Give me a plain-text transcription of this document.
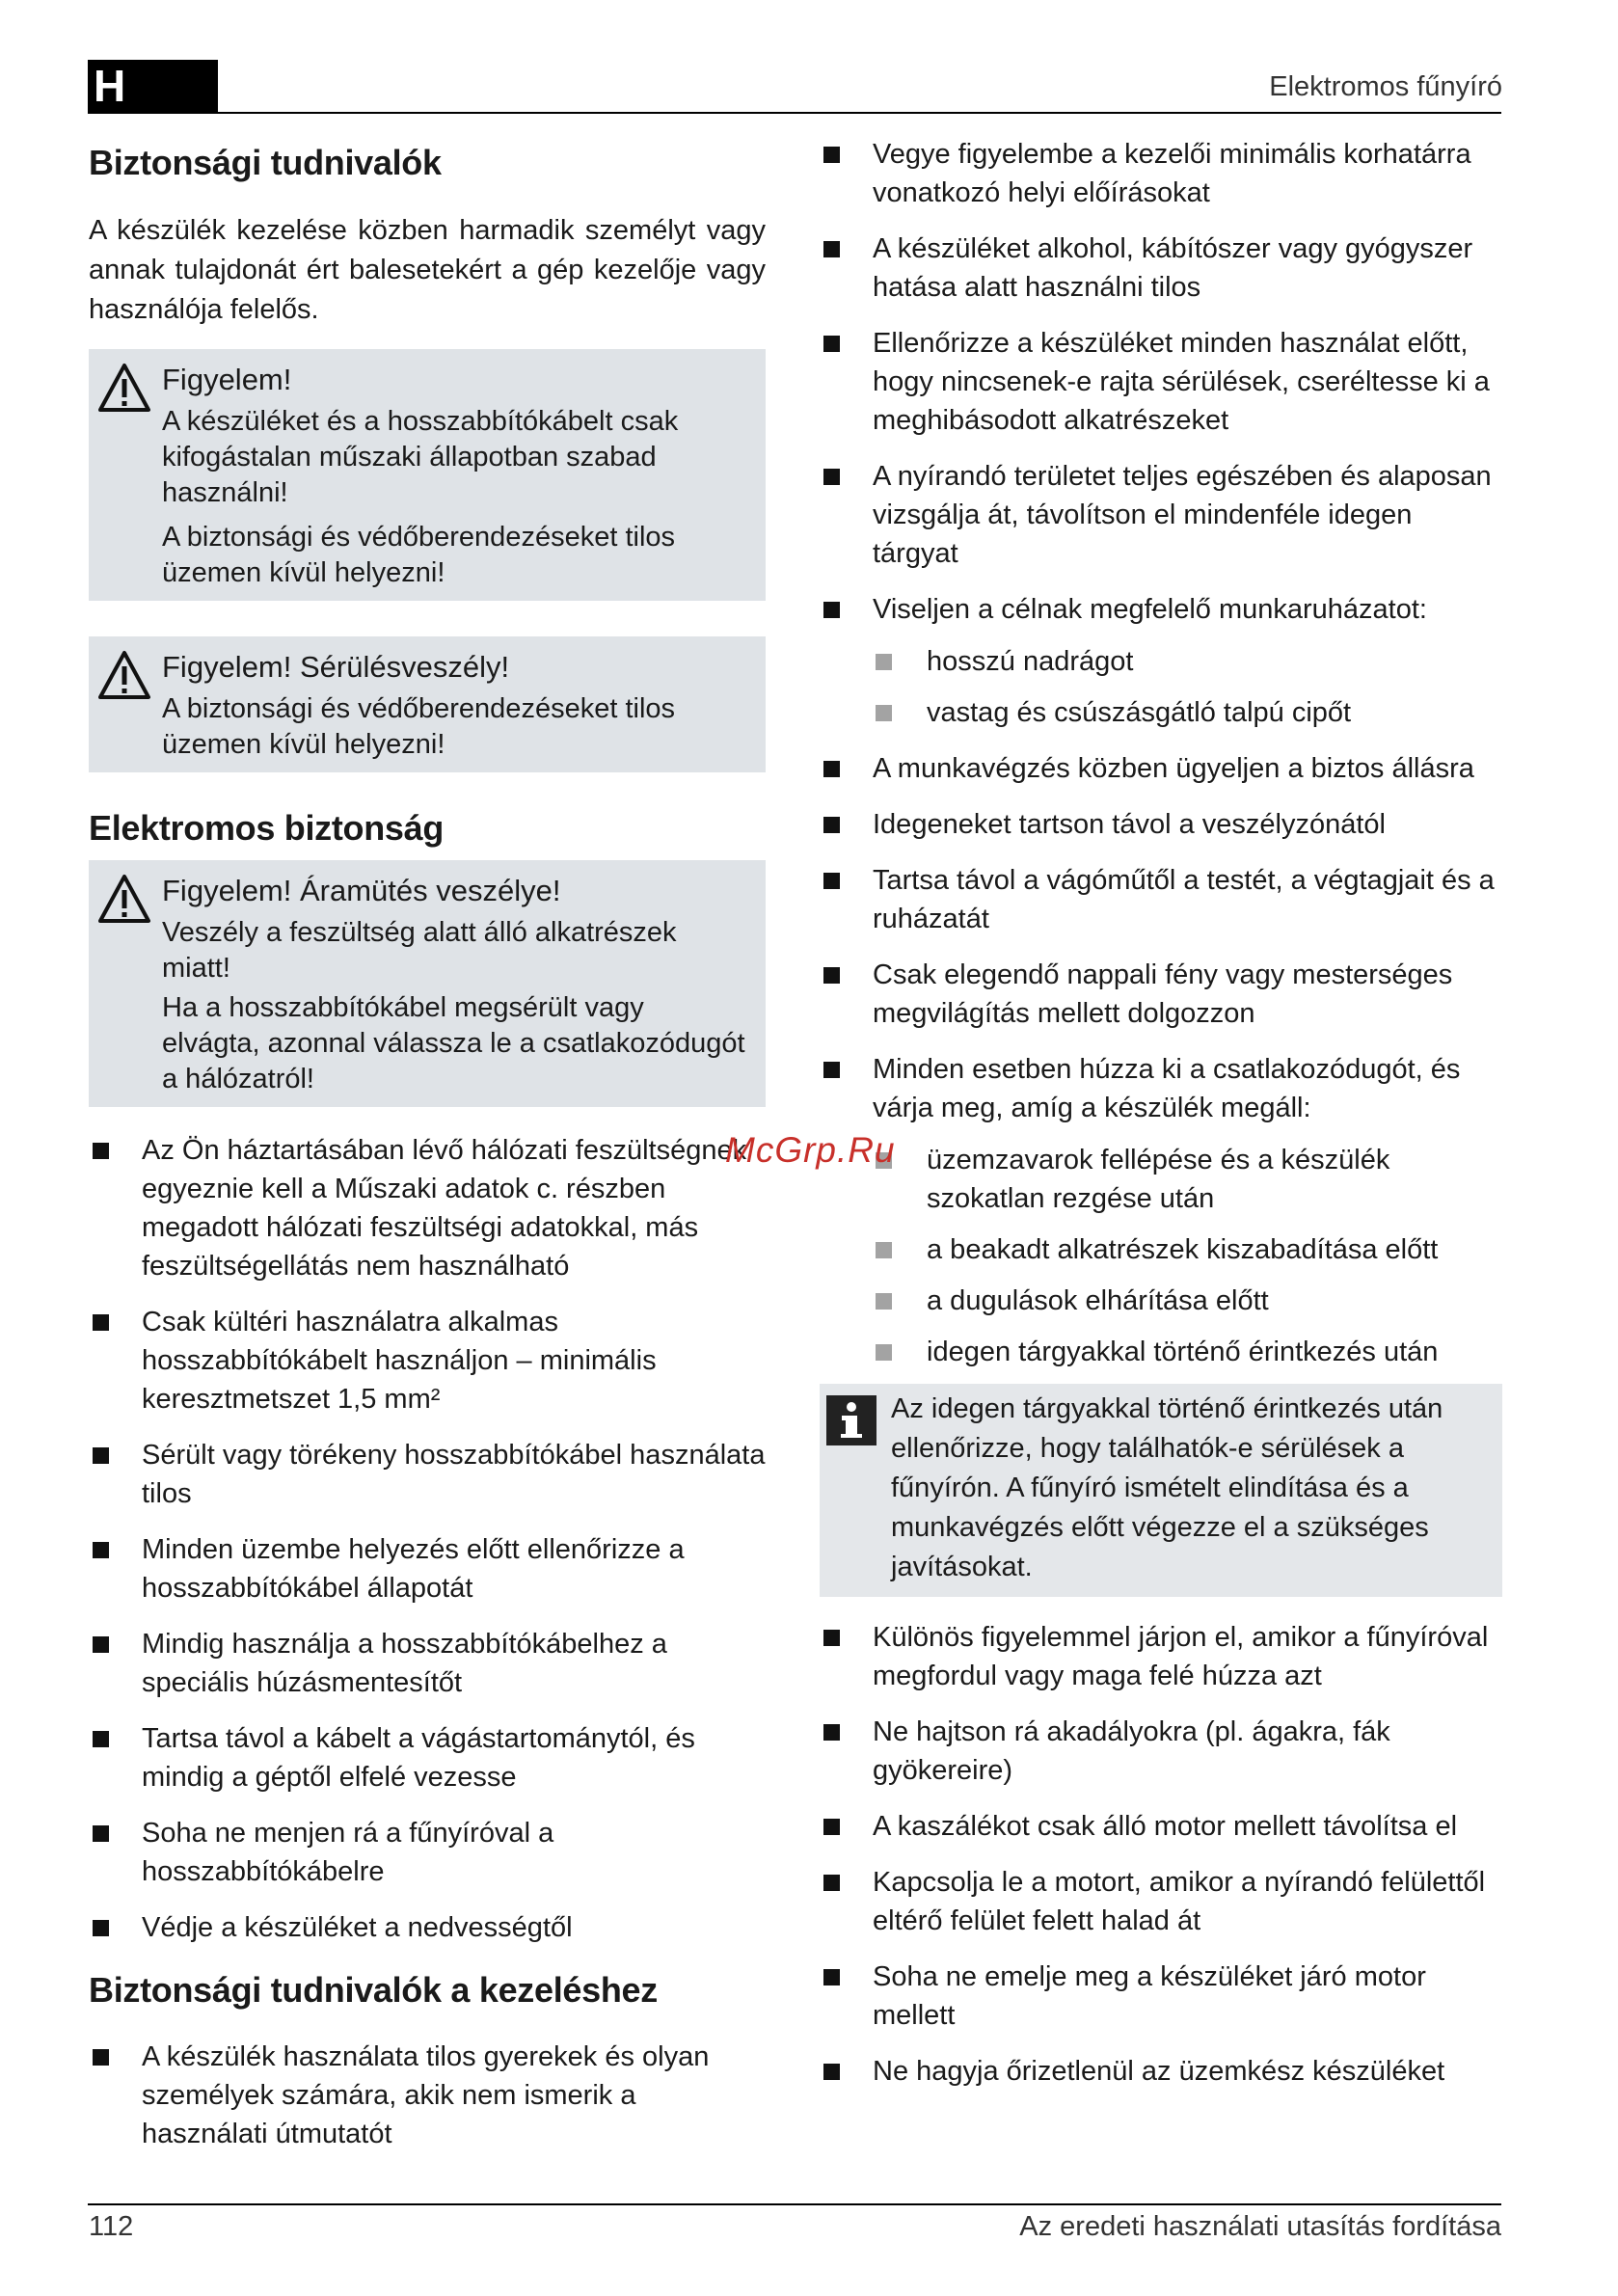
H	Elektromos fűnyíró
Biztonsági tudnivalók
A készülék kezelése közben harmadik személyt vagy annak tulajdonát ért balesetekért a gép kezelője vagy használója felelős.
Figyelem!

A készüléket és a hosszabbítókábelt csak kifogástalan műszaki állapotban szabad használni!

A biztonsági és védőberendezéseket tilos üzemen kívül helyezni!

Figyelem! Sérülésveszély!

A biztonsági és védőberendezéseket tilos üzemen kívül helyezni!

Elektromos biztonság
Figyelem! Áramütés veszélye!

Veszély a feszültség alatt álló alkatrészek miatt!

Ha a hosszabbítókábel megsérült vagy elvágta, azonnal válassza le a csatlakozódugót a hálózatról!

Az Ön háztartásában lévő hálózati feszültségnek egyeznie kell a Műszaki adatok c. részben megadott hálózati feszültségi adatokkal, más feszültségellátás nem használható
Csak kültéri használatra alkalmas hosszabbítókábelt használjon – minimális keresztmetszet 1,5 mm²
Sérült vagy törékeny hosszabbítókábel használata tilos
Minden üzembe helyezés előtt ellenőrizze a hosszabbítókábel állapotát
Mindig használja a hosszabbítókábelhez a speciális húzásmentesítőt
Tartsa távol a kábelt a vágástartománytól, és mindig a géptől elfelé vezesse
Soha ne menjen rá a fűnyíróval a hosszabbítókábelre
Védje a készüléket a nedvességtől
Biztonsági tudnivalók a kezeléshez
A készülék használata tilos gyerekek és olyan személyek számára, akik nem ismerik a használati útmutatót
Vegye figyelembe a kezelői minimális korhatárra vonatkozó helyi előírásokat
A készüléket alkohol, kábítószer vagy gyógyszer hatása alatt használni tilos
Ellenőrizze a készüléket minden használat előtt, hogy nincsenek-e rajta sérülések, cseréltesse ki a meghibásodott alkatrészeket
A nyírandó területet teljes egészében és alaposan vizsgálja át, távolítson el mindenféle idegen tárgyat
Viseljen a célnak megfelelő munkaruházatot:
hosszú nadrágot
vastag és csúszásgátló talpú cipőt
A munkavégzés közben ügyeljen a biztos állásra
Idegeneket tartson távol a veszélyzónától
Tartsa távol a vágóműtől a testét, a végtagjait és a ruházatát
Csak elegendő nappali fény vagy mesterséges megvilágítás mellett dolgozzon
Minden esetben húzza ki a csatlakozódugót, és várja meg, amíg a készülék megáll:
üzemzavarok fellépése és a készülék szokatlan rezgése után
a beakadt alkatrészek kiszabadítása előtt
a dugulások elhárítása előtt
idegen tárgyakkal történő érintkezés után
Az idegen tárgyakkal történő érintkezés után ellenőrizze, hogy találhatók-e sérülések a fűnyírón. A fűnyíró ismételt elindítása és a munkavégzés előtt végezze el a szükséges javításokat.
Különös figyelemmel járjon el, amikor a fűnyíróval megfordul vagy maga felé húzza azt
Ne hajtson rá akadályokra (pl. ágakra, fák gyökereire)
A kaszálékot csak álló motor mellett távolítsa el
Kapcsolja le a motort, amikor a nyírandó felülettől eltérő felület felett halad át
Soha ne emelje meg a készüléket járó motor mellett
Ne hagyja őrizetlenül az üzemkész készüléket
McGrp.Ru
112	Az eredeti használati utasítás fordítása
